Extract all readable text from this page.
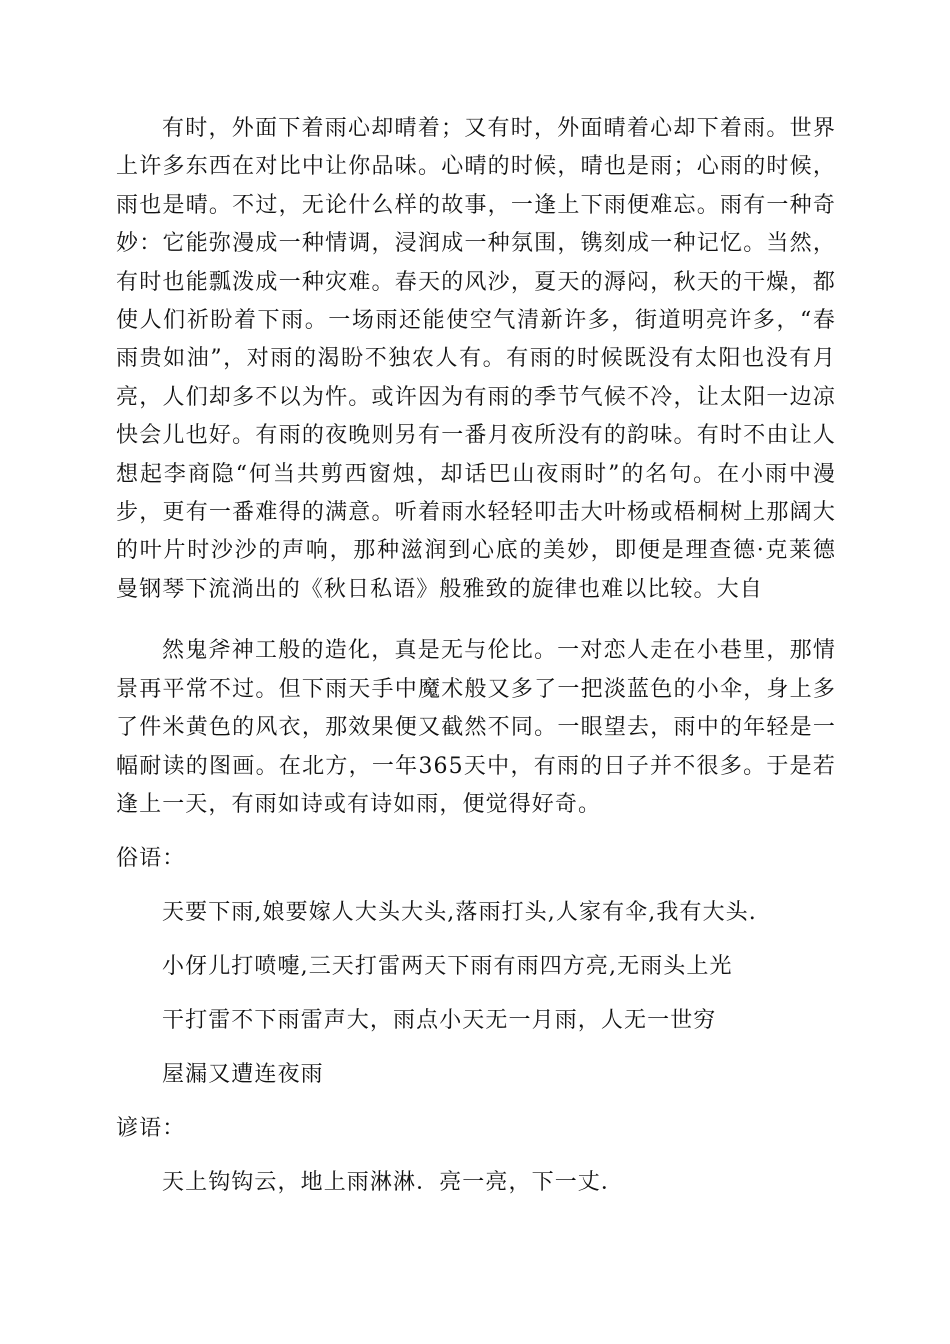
有时，外面下着雨心却晴着；又有时，外面晴着心却下着雨。世界上许多东西在对比中让你品味。心晴的时候，晴也是雨；心雨的时候，雨也是晴。不过，无论什么样的故事，一逢上下雨便难忘。雨有一种奇妙：它能弥漫成一种情调，浸润成一种氛围，镌刻成一种记忆。当然，有时也能瓢泼成一种灾难。春天的风沙，夏天的溽闷，秋天的干燥，都使人们祈盼着下雨。一场雨还能使空气清新许多，街道明亮许多，“春雨贵如油”，对雨的渴盼不独农人有。有雨的时候既没有太阳也没有月亮，人们却多不以为忤。或许因为有雨的季节气候不冷，让太阳一边凉快会儿也好。有雨的夜晚则另有一番月夜所没有的韵味。有时不由让人想起李商隐“何当共剪西窗烛，却话巴山夜雨时”的名句。在小雨中漫步，更有一番难得的满意。听着雨水轻轻叩击大叶杨或梧桐树上那阔大的叶片时沙沙的声响，那种滋润到心底的美妙，即便是理查德·克莱德曼钢琴下流淌出的《秋日私语》般雅致的旋律也难以比较。大自

然鬼斧神工般的造化，真是无与伦比。一对恋人走在小巷里，那情景再平常不过。但下雨天手中魔术般又多了一把淡蓝色的小伞，身上多了件米黄色的风衣，那效果便又截然不同。一眼望去，雨中的年轻是一幅耐读的图画。在北方，一年365天中，有雨的日子并不很多。于是若逢上一天，有雨如诗或有诗如雨，便觉得好奇。

俗语：

天要下雨,娘要嫁人大头大头,落雨打头,人家有伞,我有大头.

小伢儿打喷嚏,三天打雷两天下雨有雨四方亮,无雨头上光

干打雷不下雨雷声大，雨点小天无一月雨，人无一世穷

屋漏又遭连夜雨

谚语：

天上钩钩云，地上雨淋淋．亮一亮，下一丈．
